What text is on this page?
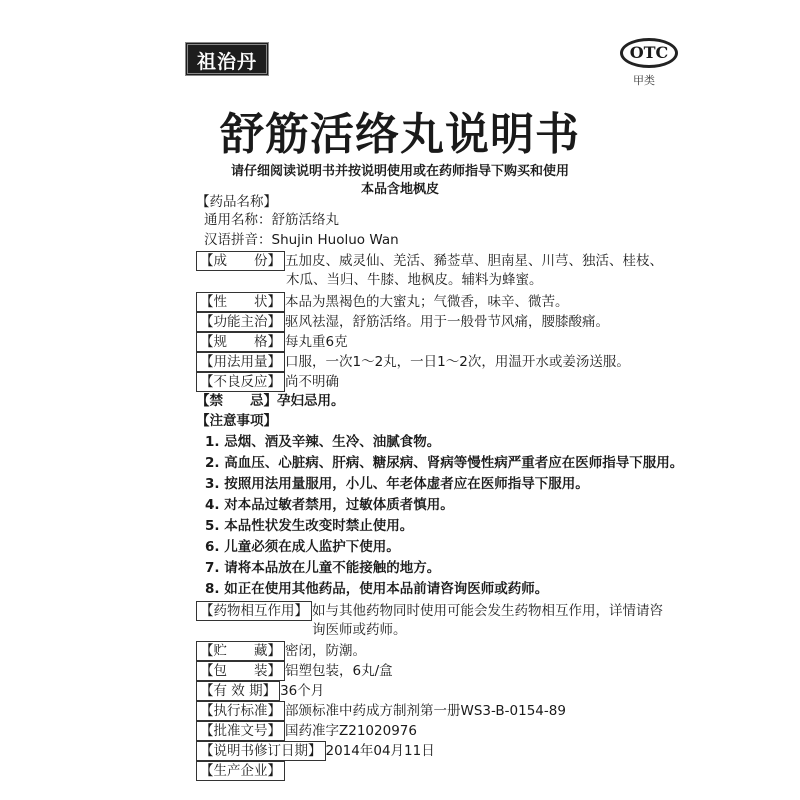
祖治丹	OTC
甲类
舒筋活络丸说明书
请仔细阅读说明书并按说明使用或在药师指导下购买和使用
本品含地枫皮
【药品名称】
通用名称：舒筋活络丸
汉语拼音：Shujin Huoluo Wan
【成　　份】 五加皮、威灵仙、羌活、豨莶草、胆南星、川芎、独活、桂枝、
木瓜、当归、牛膝、地枫皮。辅料为蜂蜜。
【性　　状】 本品为黑褐色的大蜜丸；气微香，味辛、微苦。
【功能主治】 驱风祛湿，舒筋活络。用于一般骨节风痛，腰膝酸痛。
【规　　格】 每丸重6克
【用法用量】 口服，一次1～2丸，一日1～2次，用温开水或姜汤送服。
【不良反应】 尚不明确
【禁　　忌】孕妇忌用。
【注意事项】
1. 忌烟、酒及辛辣、生冷、油腻食物。
2. 高血压、心脏病、肝病、糖尿病、肾病等慢性病严重者应在医师指导下服用。
3. 按照用法用量服用，小儿、年老体虚者应在医师指导下服用。
4. 对本品过敏者禁用，过敏体质者慎用。
5. 本品性状发生改变时禁止使用。
6. 儿童必须在成人监护下使用。
7. 请将本品放在儿童不能接触的地方。
8. 如正在使用其他药品，使用本品前请咨询医师或药师。
【药物相互作用】 如与其他药物同时使用可能会发生药物相互作用，详情请咨
询医师或药师。
【贮　　藏】 密闭，防潮。
【包　　装】 铝塑包装，6丸/盒
【有 效 期】 36个月
【执行标准】 部颁标准中药成方制剂第一册WS3-B-0154-89
【批准文号】 国药准字Z21020976
【说明书修订日期】 2014年04月11日
【生产企业】
